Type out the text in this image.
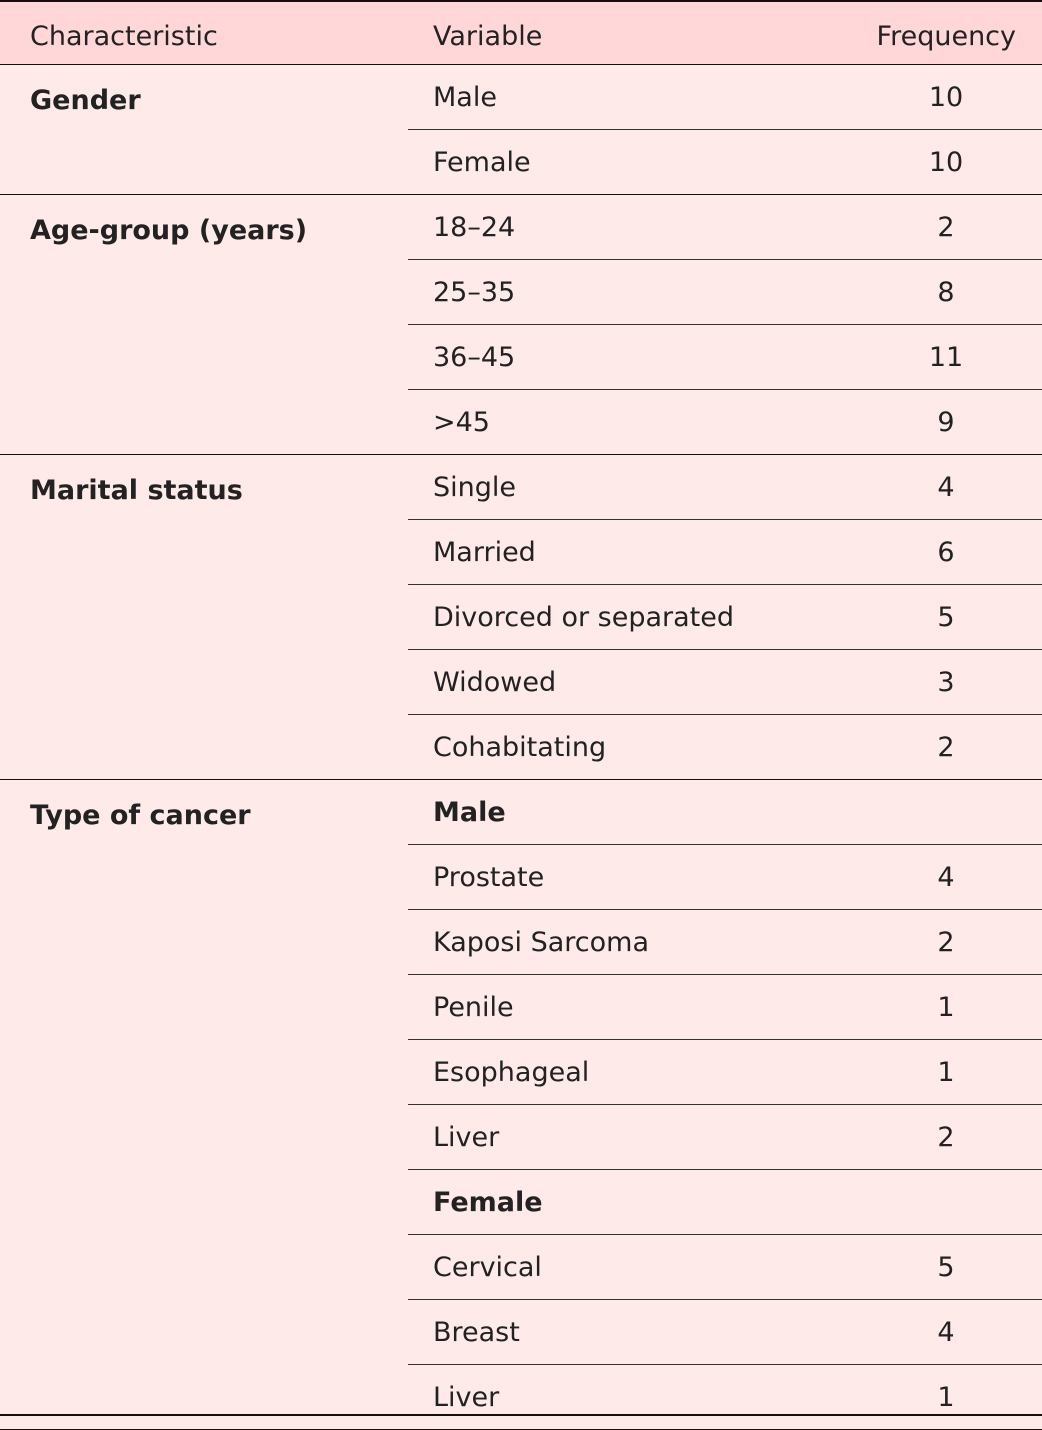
Characteristic	Variable	Frequency
Gender	Male	10
Female	10
Age-group (years)	18–24	2
25–35	8
36–45	11
>45	9
Marital status	Single	4
Married	6
Divorced or separated	5
Widowed	3
Cohabitating	2
Type of cancer	Male
Prostate	4
Kaposi Sarcoma	2
Penile	1
Esophageal	1
Liver	2
Female
Cervical	5
Breast	4
Liver	1
